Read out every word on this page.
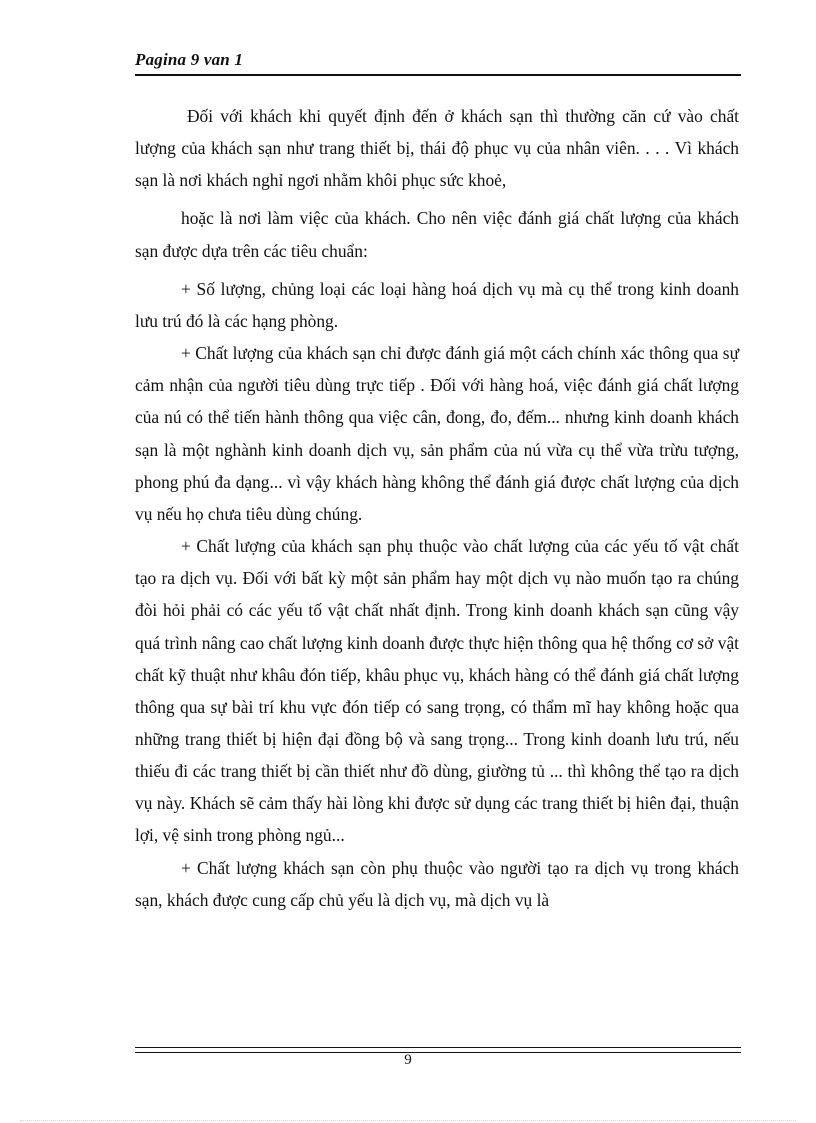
Pagina 9 van 1

Đối với khách khi quyết định đến ở khách sạn thì thường căn cứ vào chất lượng của khách sạn như trang thiết bị, thái độ phục vụ của nhân viên. . . . Vì khách sạn là nơi khách nghỉ ngơi nhằm khôi phục sức khoẻ,

hoặc là nơi làm việc của khách. Cho nên việc đánh giá chất lượng của khách sạn được dựa trên các tiêu chuẩn:

+ Số lượng, chủng loại các loại hàng hoá dịch vụ mà cụ thể trong kinh doanh lưu trú đó là các hạng phòng.

+ Chất lượng của khách sạn chỉ được đánh giá một cách chính xác thông qua sự cảm nhận của người tiêu dùng trực tiếp . Đối với hàng hoá, việc đánh giá chất lượng của nú có thể tiến hành thông qua việc cân, đong, đo, đếm... nhưng kinh doanh khách sạn là một nghành kinh doanh dịch vụ, sản phẩm của nú vừa cụ thể vừa trừu tượng, phong phú đa dạng... vì vậy khách hàng không thể đánh giá được chất lượng của dịch vụ nếu họ chưa tiêu dùng chúng.

+ Chất lượng của khách sạn phụ thuộc vào chất lượng của các yếu tố vật chất tạo ra dịch vụ. Đối với bất kỳ một sản phẩm hay một dịch vụ nào muốn tạo ra chúng đòi hỏi phải có các yếu tố vật chất nhất định. Trong kinh doanh khách sạn cũng vậy quá trình nâng cao chất lượng kinh doanh được thực hiện thông qua hệ thống cơ sở vật chất kỹ thuật như khâu đón tiếp, khâu phục vụ, khách hàng có thể đánh giá chất lượng thông qua sự bài trí khu vực đón tiếp có sang trọng, có thẩm mĩ hay không hoặc qua những trang thiết bị hiện đại đồng bộ và sang trọng... Trong kinh doanh lưu trú, nếu thiếu đi các trang thiết bị cần thiết như đồ dùng, giường tủ ... thì không thể tạo ra dịch vụ này. Khách sẽ cảm thấy hài lòng khi được sử dụng các trang thiết bị hiên đại, thuận lợi, vệ sinh trong phòng ngủ...

+ Chất lượng khách sạn còn phụ thuộc vào người tạo ra dịch vụ trong khách sạn, khách được cung cấp chủ yếu là dịch vụ, mà dịch vụ là

9
